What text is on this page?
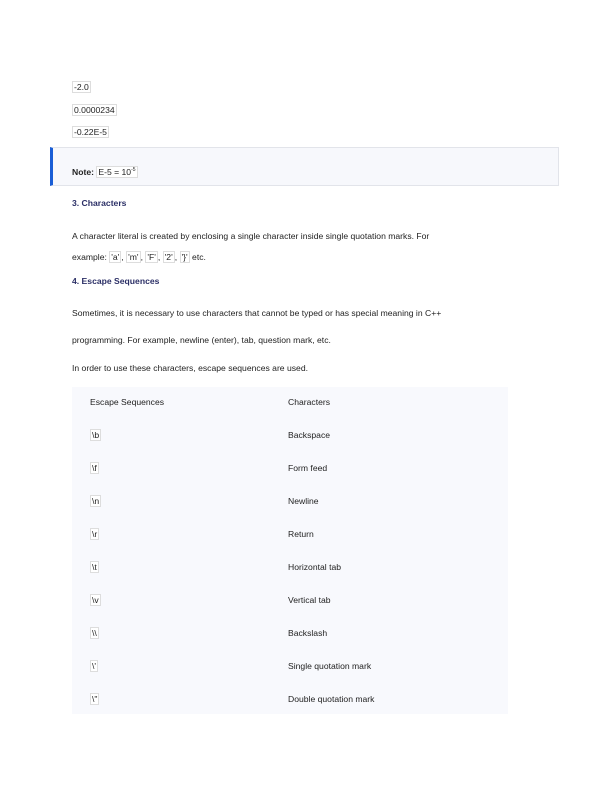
-2.0
0.0000234
-0.22E-5
Note: $E-5 = 10^{-5}$
3. Characters
A character literal is created by enclosing a single character inside single quotation marks. For
example: 'a' , 'm' , 'F' , '2' , '}' etc.
4. Escape Sequences
Sometimes, it is necessary to use characters that cannot be typed or has special meaning in C++
programming. For example, newline (enter), tab, question mark, etc.
In order to use these characters, escape sequences are used.
Escape Sequences	Characters
\b	Backspace
\f	Form feed
\n	Newline
\r	Return
\t	Horizontal tab
\v	Vertical tab
\\	Backslash
\'	Single quotation mark
\"	Double quotation mark
